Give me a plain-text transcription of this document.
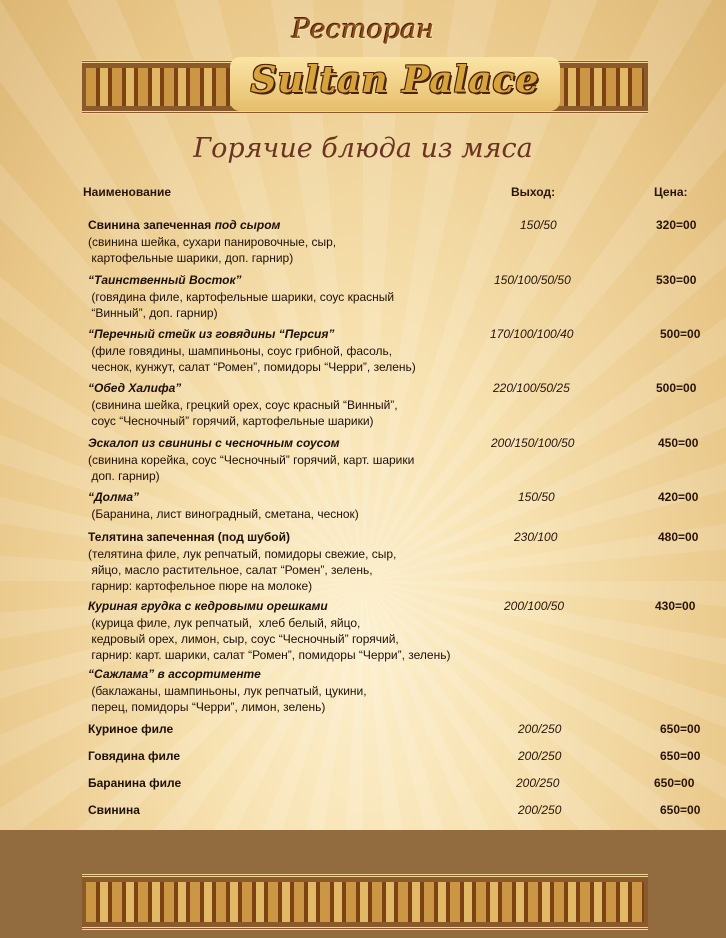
Ресторан
Sultan Palace
Горячие блюда из мяса
Наименование	Выход:	Цена:
Свинина запеченная под сыром
(свинина шейка, сухари панировочные, сыр,
картофельные шарики, доп. гарнир)
150/50	320=00
“Таинственный Восток”
(говядина филе, картофельные шарики, соус красный
“Винный”, доп. гарнир)
150/100/50/50	530=00
“Перечный стейк из говядины “Персия”
(филе говядины, шампиньоны, соус грибной, фасоль,
чеснок, кунжут, салат “Ромен”, помидоры “Черри”, зелень)
170/100/100/40	500=00
“Обед Халифа”
(свинина шейка, грецкий орех, соус красный “Винный”,
соус “Чесночный” горячий, картофельные шарики)
220/100/50/25	500=00
Эскалоп из свинины с чесночным соусом
(свинина корейка, соус “Чесночный” горячий, карт. шарики
доп. гарнир)
200/150/100/50	450=00
“Долма”
(Баранина, лист виноградный, сметана, чеснок)
150/50	420=00
Телятина запеченная (под шубой)
(телятина филе, лук репчатый, помидоры свежие, сыр,
яйцо, масло растительное, салат “Ромен”, зелень,
гарнир: картофельное пюре на молоке)
230/100	480=00
Куриная грудка с кедровыми орешками
(курица филе, лук репчатый,  хлеб белый, яйцо,
кедровый орех, лимон, сыр, соус “Чесночный” горячий,
гарнир: карт. шарики, салат “Ромен”, помидоры “Черри”, зелень)
200/100/50	430=00
“Сажлама” в ассортименте
(баклажаны, шампиньоны, лук репчатый, цукини,
перец, помидоры “Черри”, лимон, зелень)
Куриное филе	200/250	650=00
Говядина филе	200/250	650=00
Баранина филе	200/250	650=00
Свинина	200/250	650=00
